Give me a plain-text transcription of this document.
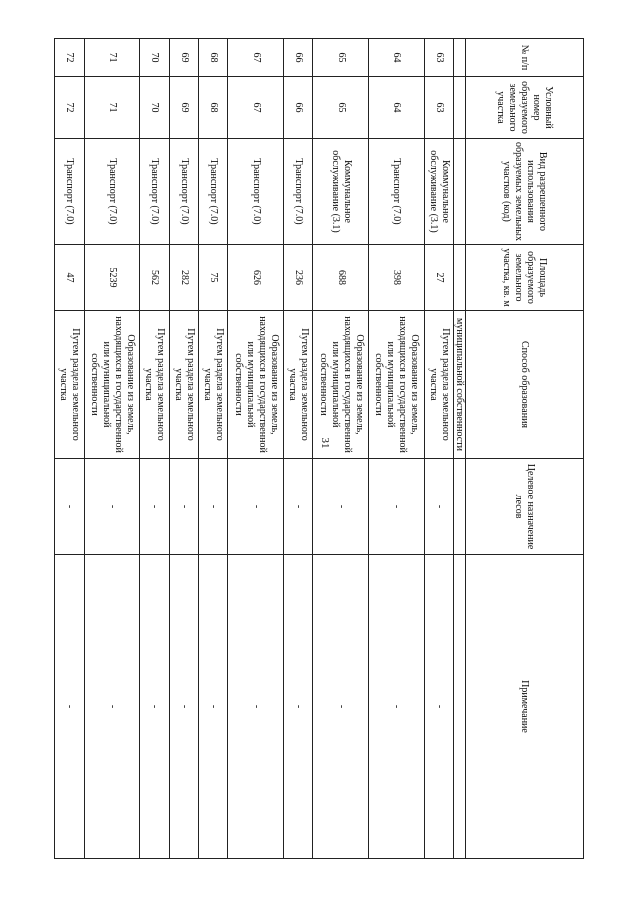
31
№ п/п	Условный номер образуемого земельного участка	Вид разрешенного использования образуемых земельных участков (код)	Площадь образуемого земельного участка, кв. м	Способ образования	Целевое назначение лесов	Примечание
				муниципальной собственности		
63	63	Коммунальное обслуживание (3.1)	27	Путем раздела земельного участка	-	-
64	64	Транспорт (7.0)	398	Образование из земель, находящихся в государственной или муниципальной собственности	-	-
65	65	Коммунальное обслуживание (3.1)	688	Образование из земель, находящихся в государственной или муниципальной собственности	-	-
66	66	Транспорт (7.0)	236	Путем раздела земельного участка	-	-
67	67	Транспорт (7.0)	626	Образование из земель, находящихся в государственной или муниципальной собственности	-	-
68	68	Транспорт (7.0)	75	Путем раздела земельного участка	-	-
69	69	Транспорт (7.0)	282	Путем раздела земельного участка	-	-
70	70	Транспорт (7.0)	562	Путем раздела земельного участка	-	-
71	71	Транспорт (7.0)	5239	Образование из земель, находящихся в государственной или муниципальной собственности	-	-
72	72	Транспорт (7.0)	47	Путем раздела земельного участка	-	-
